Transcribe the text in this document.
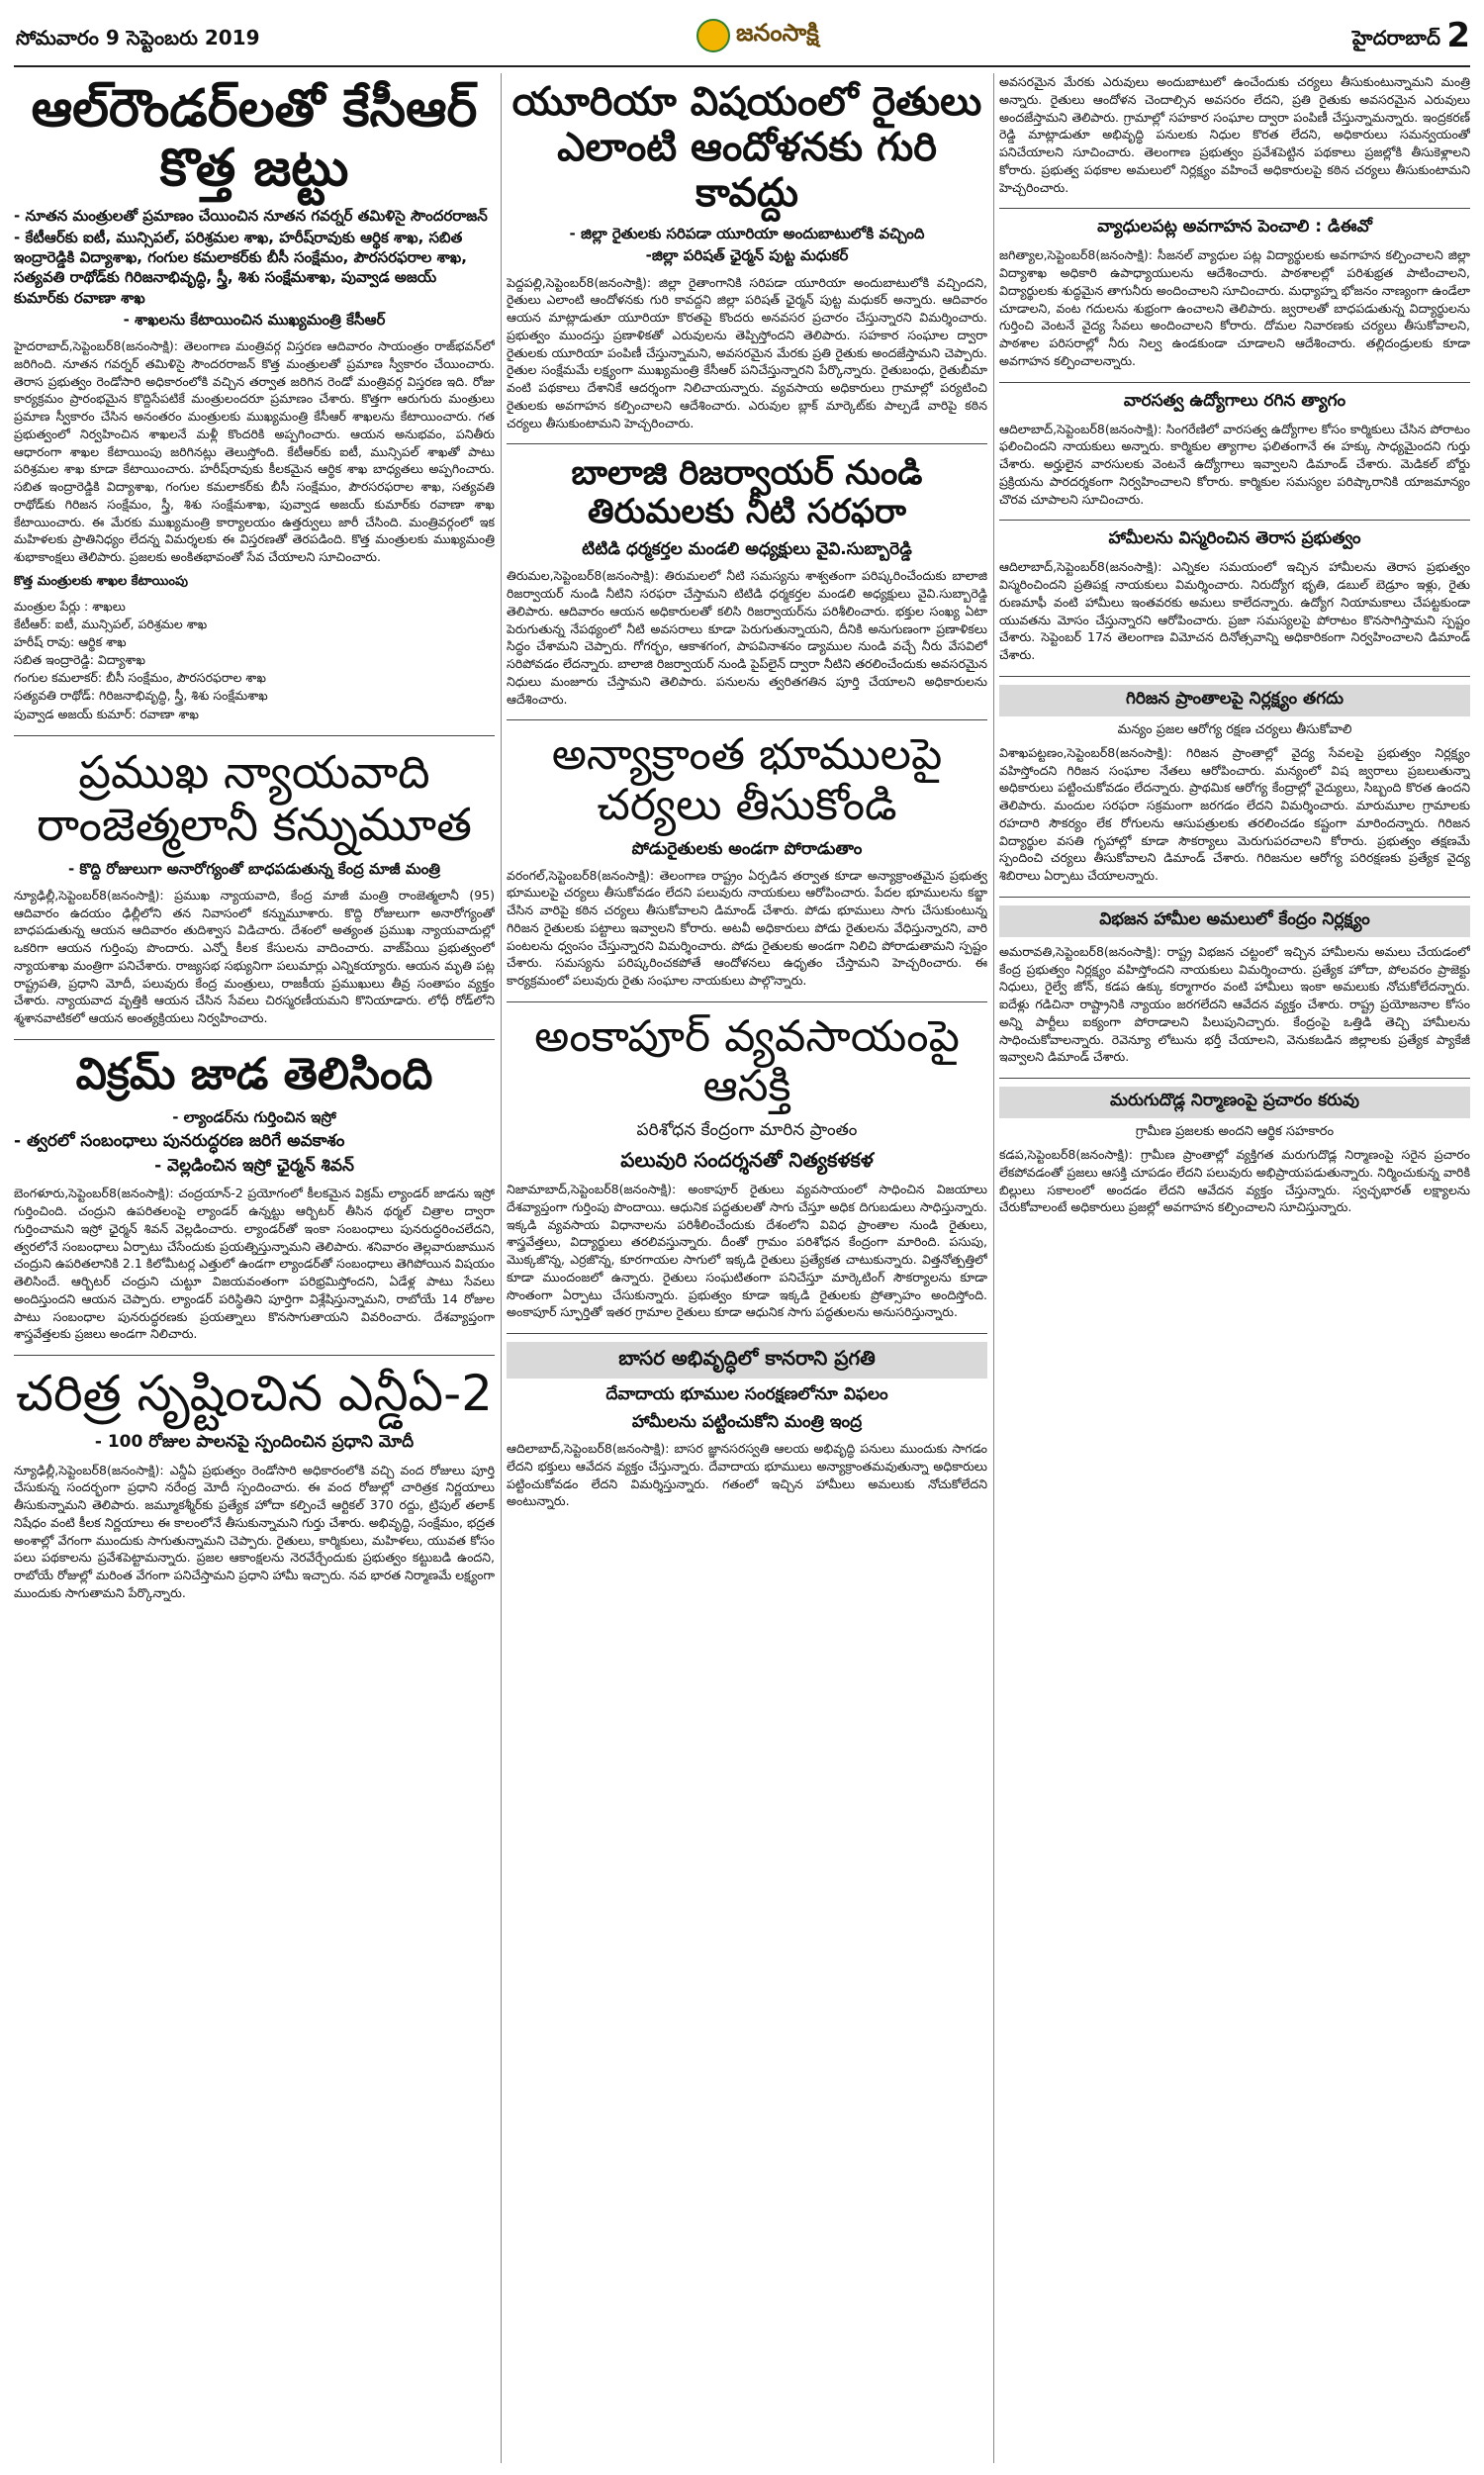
సోమవారం 9 సెప్టెంబరు 2019	జనంసాక్షి	హైదరాబాద్ 2
ఆల్‌రౌండర్‌లతో కేసీఆర్ కొత్త జట్టు
- నూతన మంత్రులతో ప్రమాణం చేయించిన నూతన గవర్నర్ తమిళిసై సౌందరరాజన్
- కేటీఆర్‌కు ఐటీ, మున్సిపల్, పరిశ్రమల శాఖ, హరీష్‌రావుకు ఆర్థిక శాఖ, సబిత ఇంద్రారెడ్డికి విద్యాశాఖ, గంగుల కమలాకర్‌కు బీసీ సంక్షేమం, పౌరసరఫరాల శాఖ, సత్యవతి రాథోడ్‌కు గిరిజనాభివృద్ధి, స్త్రీ, శిశు సంక్షేమశాఖ, పువ్వాడ అజయ్ కుమార్‌కు రవాణా శాఖ
- శాఖలను కేటాయించిన ముఖ్యమంత్రి కేసీఆర్

హైదరాబాద్‌,సెప్టెంబర్‌8(జనంసాక్షి): తెలంగాణ మంత్రివర్గ విస్తరణ ఆదివారం సాయంత్రం రాజ్‌భవన్‌లో జరిగింది. నూతన గవర్నర్ తమిళిసై సౌందరరాజన్ కొత్త మంత్రులతో ప్రమాణ స్వీకారం చేయించారు. తెరాస ప్రభుత్వం రెండోసారి అధికారంలోకి వచ్చిన తర్వాత జరిగిన రెండో మంత్రివర్గ విస్తరణ ఇది. రోజు కార్యక్రమం ప్రారంభమైన కొద్దిసేపటికే మంత్రులందరూ ప్రమాణం చేశారు. కొత్తగా ఆరుగురు మంత్రులు ప్రమాణ స్వీకారం చేసిన అనంతరం మంత్రులకు ముఖ్యమంత్రి కేసీఆర్ శాఖలను కేటాయించారు. గత ప్రభుత్వంలో నిర్వహించిన శాఖలనే మళ్లీ కొందరికి అప్పగించారు. ఆయన అనుభవం, పనితీరు ఆధారంగా శాఖల కేటాయింపు జరిగినట్లు తెలుస్తోంది. కేటీఆర్‌కు ఐటీ, మున్సిపల్ శాఖతో పాటు పరిశ్రమల శాఖ కూడా కేటాయించారు. హరీష్‌రావుకు కీలకమైన ఆర్థిక శాఖ బాధ్యతలు అప్పగించారు. సబిత ఇంద్రారెడ్డికి విద్యాశాఖ, గంగుల కమలాకర్‌కు బీసీ సంక్షేమం, పౌరసరఫరాల శాఖ, సత్యవతి రాథోడ్‌కు గిరిజన సంక్షేమం, స్త్రీ, శిశు సంక్షేమశాఖ, పువ్వాడ అజయ్ కుమార్‌కు రవాణా శాఖ కేటాయించారు. ఈ మేరకు ముఖ్యమంత్రి కార్యాలయం ఉత్తర్వులు జారీ చేసింది. మంత్రివర్గంలో ఇక మహిళలకు ప్రాతినిధ్యం లేదన్న విమర్శలకు ఈ విస్తరణతో తెరపడింది. కొత్త మంత్రులకు ముఖ్యమంత్రి శుభాకాంక్షలు తెలిపారు. ప్రజలకు అంకితభావంతో సేవ చేయాలని సూచించారు.

కొత్త మంత్రులకు శాఖల కేటాయింపు
మంత్రుల పేర్లు : శాఖలు
కేటీఆర్: ఐటీ, మున్సిపల్, పరిశ్రమల శాఖ
హరీష్ రావు: ఆర్థిక శాఖ
సబిత ఇంద్రారెడ్డి: విద్యాశాఖ
గంగుల కమలాకర్: బీసీ సంక్షేమం, పౌరసరఫరాల శాఖ
సత్యవతి రాథోడ్: గిరిజనాభివృద్ధి, స్త్రీ, శిశు సంక్షేమశాఖ
పువ్వాడ అజయ్ కుమార్: రవాణా శాఖ
ప్రముఖ న్యాయవాది రాంజెత్మలానీ కన్నుమూత
- కొద్ది రోజులుగా అనారోగ్యంతో బాధపడుతున్న కేంద్ర మాజీ మంత్రి

న్యూఢిల్లీ,సెప్టెంబర్‌8(జనంసాక్షి): ప్రముఖ న్యాయవాది, కేంద్ర మాజీ మంత్రి రాంజెత్మలానీ (95) ఆదివారం ఉదయం ఢిల్లీలోని తన నివాసంలో కన్నుమూశారు. కొద్ది రోజులుగా అనారోగ్యంతో బాధపడుతున్న ఆయన ఆదివారం తుదిశ్వాస విడిచారు. దేశంలో అత్యంత ప్రముఖ న్యాయవాదుల్లో ఒకరిగా ఆయన గుర్తింపు పొందారు. ఎన్నో కీలక కేసులను వాదించారు. వాజ్‌పేయి ప్రభుత్వంలో న్యాయశాఖ మంత్రిగా పనిచేశారు. రాజ్యసభ సభ్యునిగా పలుమార్లు ఎన్నికయ్యారు. ఆయన మృతి పట్ల రాష్ట్రపతి, ప్రధాని మోదీ, పలువురు కేంద్ర మంత్రులు, రాజకీయ ప్రముఖులు తీవ్ర సంతాపం వ్యక్తం చేశారు. న్యాయవాద వృత్తికి ఆయన చేసిన సేవలు చిరస్మరణీయమని కొనియాడారు. లోధీ రోడ్‌లోని శ్మశానవాటికలో ఆయన అంత్యక్రియలు నిర్వహించారు.

విక్రమ్ జాడ తెలిసింది
- ల్యాండర్‌ను గుర్తించిన ఇస్రో
- త్వరలో సంబంధాలు పునరుద్ధరణ జరిగే అవకాశం
- వెల్లడించిన ఇస్రో ఛైర్మన్ శివన్

బెంగళూరు,సెప్టెంబర్‌8(జనంసాక్షి): చంద్రయాన్‌-2 ప్రయోగంలో కీలకమైన విక్రమ్ ల్యాండర్ జాడను ఇస్రో గుర్తించింది. చంద్రుని ఉపరితలంపై ల్యాండర్ ఉన్నట్టు ఆర్బిటర్ తీసిన థర్మల్ చిత్రాల ద్వారా గుర్తించామని ఇస్రో ఛైర్మన్ శివన్ వెల్లడించారు. ల్యాండర్‌తో ఇంకా సంబంధాలు పునరుద్ధరించలేదని, త్వరలోనే సంబంధాలు ఏర్పాటు చేసేందుకు ప్రయత్నిస్తున్నామని తెలిపారు. శనివారం తెల్లవారుజామున చంద్రుని ఉపరితలానికి 2.1 కిలోమీటర్ల ఎత్తులో ఉండగా ల్యాండర్‌తో సంబంధాలు తెగిపోయిన విషయం తెలిసిందే. ఆర్బిటర్ చంద్రుని చుట్టూ విజయవంతంగా పరిభ్రమిస్తోందని, ఏడేళ్ల పాటు సేవలు అందిస్తుందని ఆయన చెప్పారు. ల్యాండర్ పరిస్థితిని పూర్తిగా విశ్లేషిస్తున్నామని, రాబోయే 14 రోజుల పాటు సంబంధాల పునరుద్ధరణకు ప్రయత్నాలు కొనసాగుతాయని వివరించారు. దేశవ్యాప్తంగా శాస్త్రవేత్తలకు ప్రజలు అండగా నిలిచారు.

చరిత్ర సృష్టించిన ఎన్డీఏ-2
- 100 రోజుల పాలనపై స్పందించిన ప్రధాని మోదీ

న్యూఢిల్లీ,సెప్టెంబర్‌8(జనంసాక్షి): ఎన్డీఏ ప్రభుత్వం రెండోసారి అధికారంలోకి వచ్చి వంద రోజులు పూర్తి చేసుకున్న సందర్భంగా ప్రధాని నరేంద్ర మోదీ స్పందించారు. ఈ వంద రోజుల్లో చారిత్రక నిర్ణయాలు తీసుకున్నామని తెలిపారు. జమ్మూకశ్మీర్‌కు ప్రత్యేక హోదా కల్పించే ఆర్టికల్ 370 రద్దు, ట్రిపుల్ తలాక్ నిషేధం వంటి కీలక నిర్ణయాలు ఈ కాలంలోనే తీసుకున్నామని గుర్తు చేశారు. అభివృద్ధి, సంక్షేమం, భద్రత అంశాల్లో వేగంగా ముందుకు సాగుతున్నామని చెప్పారు. రైతులు, కార్మికులు, మహిళలు, యువత కోసం పలు పథకాలను ప్రవేశపెట్టామన్నారు. ప్రజల ఆకాంక్షలను నెరవేర్చేందుకు ప్రభుత్వం కట్టుబడి ఉందని, రాబోయే రోజుల్లో మరింత వేగంగా పనిచేస్తామని ప్రధాని హామీ ఇచ్చారు. నవ భారత నిర్మాణమే లక్ష్యంగా ముందుకు సాగుతామని పేర్కొన్నారు.

యూరియా విషయంలో రైతులు ఎలాంటి ఆందోళనకు గురి కావద్దు
- జిల్లా రైతులకు సరిపడా యూరియా అందుబాటులోకి వచ్చింది
-జిల్లా పరిషత్ ఛైర్మన్ పుట్ట మధుకర్

పెద్దపల్లి,సెప్టెంబర్‌8(జనంసాక్షి): జిల్లా రైతాంగానికి సరిపడా యూరియా అందుబాటులోకి వచ్చిందని, రైతులు ఎలాంటి ఆందోళనకు గురి కావద్దని జిల్లా పరిషత్ ఛైర్మన్ పుట్ట మధుకర్ అన్నారు. ఆదివారం ఆయన మాట్లాడుతూ యూరియా కొరతపై కొందరు అనవసర ప్రచారం చేస్తున్నారని విమర్శించారు. ప్రభుత్వం ముందస్తు ప్రణాళికతో ఎరువులను తెప్పిస్తోందని తెలిపారు. సహకార సంఘాల ద్వారా రైతులకు యూరియా పంపిణీ చేస్తున్నామని, అవసరమైన మేరకు ప్రతి రైతుకు అందజేస్తామని చెప్పారు. రైతుల సంక్షేమమే లక్ష్యంగా ముఖ్యమంత్రి కేసీఆర్ పనిచేస్తున్నారని పేర్కొన్నారు. రైతుబంధు, రైతుబీమా వంటి పథకాలు దేశానికే ఆదర్శంగా నిలిచాయన్నారు. వ్యవసాయ అధికారులు గ్రామాల్లో పర్యటించి రైతులకు అవగాహన కల్పించాలని ఆదేశించారు. ఎరువుల బ్లాక్ మార్కెట్‌కు పాల్పడే వారిపై కఠిన చర్యలు తీసుకుంటామని హెచ్చరించారు.

బాలాజి రిజర్వాయర్ నుండి తిరుమలకు నీటి సరఫరా
టిటిడి ధర్మకర్తల మండలి అధ్యక్షులు వైవి.సుబ్బారెడ్డి

తిరుమల,సెప్టెంబర్‌8(జనంసాక్షి): తిరుమలలో నీటి సమస్యను శాశ్వతంగా పరిష్కరించేందుకు బాలాజి రిజర్వాయర్ నుండి నీటిని సరఫరా చేస్తామని టిటిడి ధర్మకర్తల మండలి అధ్యక్షులు వైవి.సుబ్బారెడ్డి తెలిపారు. ఆదివారం ఆయన అధికారులతో కలిసి రిజర్వాయర్‌ను పరిశీలించారు. భక్తుల సంఖ్య ఏటా పెరుగుతున్న నేపథ్యంలో నీటి అవసరాలు కూడా పెరుగుతున్నాయని, దీనికి అనుగుణంగా ప్రణాళికలు సిద్ధం చేశామని చెప్పారు. గోగర్భం, ఆకాశగంగ, పాపవినాశనం డ్యాముల నుండి వచ్చే నీరు వేసవిలో సరిపోవడం లేదన్నారు. బాలాజి రిజర్వాయర్ నుండి పైప్‌లైన్ ద్వారా నీటిని తరలించేందుకు అవసరమైన నిధులు మంజూరు చేస్తామని తెలిపారు. పనులను త్వరితగతిన పూర్తి చేయాలని అధికారులను ఆదేశించారు.

అన్యాక్రాంత భూములపై చర్యలు తీసుకోండి
పోడురైతులకు అండగా పోరాడుతాం

వరంగల్,సెప్టెంబర్‌8(జనంసాక్షి): తెలంగాణ రాష్ట్రం ఏర్పడిన తర్వాత కూడా అన్యాక్రాంతమైన ప్రభుత్వ భూములపై చర్యలు తీసుకోవడం లేదని పలువురు నాయకులు ఆరోపించారు. పేదల భూములను కబ్జా చేసిన వారిపై కఠిన చర్యలు తీసుకోవాలని డిమాండ్ చేశారు. పోడు భూములు సాగు చేసుకుంటున్న గిరిజన రైతులకు పట్టాలు ఇవ్వాలని కోరారు. అటవీ అధికారులు పోడు రైతులను వేధిస్తున్నారని, వారి పంటలను ధ్వంసం చేస్తున్నారని విమర్శించారు. పోడు రైతులకు అండగా నిలిచి పోరాడుతామని స్పష్టం చేశారు. సమస్యను పరిష్కరించకపోతే ఆందోళనలు ఉధృతం చేస్తామని హెచ్చరించారు. ఈ కార్యక్రమంలో పలువురు రైతు సంఘాల నాయకులు పాల్గొన్నారు.

అంకాపూర్ వ్యవసాయంపై ఆసక్తి
పరిశోధన కేంద్రంగా మారిన ప్రాంతం
పలువురి సందర్శనతో నిత్యకళకళ

నిజామాబాద్,సెప్టెంబర్‌8(జనంసాక్షి): అంకాపూర్ రైతులు వ్యవసాయంలో సాధించిన విజయాలు దేశవ్యాప్తంగా గుర్తింపు పొందాయి. ఆధునిక పద్ధతులతో సాగు చేస్తూ అధిక దిగుబడులు సాధిస్తున్నారు. ఇక్కడి వ్యవసాయ విధానాలను పరిశీలించేందుకు దేశంలోని వివిధ ప్రాంతాల నుండి రైతులు, శాస్త్రవేత్తలు, విద్యార్థులు తరలివస్తున్నారు. దీంతో గ్రామం పరిశోధన కేంద్రంగా మారింది. పసుపు, మొక్కజొన్న, ఎర్రజొన్న, కూరగాయల సాగులో ఇక్కడి రైతులు ప్రత్యేకత చాటుకున్నారు. విత్తనోత్పత్తిలో కూడా ముందంజలో ఉన్నారు. రైతులు సంఘటితంగా పనిచేస్తూ మార్కెటింగ్ సౌకర్యాలను కూడా సొంతంగా ఏర్పాటు చేసుకున్నారు. ప్రభుత్వం కూడా ఇక్కడి రైతులకు ప్రోత్సాహం అందిస్తోంది. అంకాపూర్ స్ఫూర్తితో ఇతర గ్రామాల రైతులు కూడా ఆధునిక సాగు పద్ధతులను అనుసరిస్తున్నారు.

బాసర అభివృద్ధిలో కానరాని ప్రగతి
దేవాదాయ భూముల సంరక్షణలోనూ విఫలం
హామీలను పట్టించుకోని మంత్రి ఇంద్ర

ఆదిలాబాద్,సెప్టెంబర్‌8(జనంసాక్షి): బాసర జ్ఞానసరస్వతి ఆలయ అభివృద్ధి పనులు ముందుకు సాగడం లేదని భక్తులు ఆవేదన వ్యక్తం చేస్తున్నారు. దేవాదాయ భూములు అన్యాక్రాంతమవుతున్నా అధికారులు పట్టించుకోవడం లేదని విమర్శిస్తున్నారు. గతంలో ఇచ్చిన హామీలు అమలుకు నోచుకోలేదని అంటున్నారు.

అవసరమైన మేరకు ఎరువులు అందుబాటులో ఉంచేందుకు చర్యలు తీసుకుంటున్నామని మంత్రి అన్నారు. రైతులు ఆందోళన చెందాల్సిన అవసరం లేదని, ప్రతి రైతుకు అవసరమైన ఎరువులు అందజేస్తామని తెలిపారు. గ్రామాల్లో సహకార సంఘాల ద్వారా పంపిణీ చేస్తున్నామన్నారు. ఇంద్రకరణ్ రెడ్డి మాట్లాడుతూ అభివృద్ధి పనులకు నిధుల కొరత లేదని, అధికారులు సమన్వయంతో పనిచేయాలని సూచించారు. తెలంగాణ ప్రభుత్వం ప్రవేశపెట్టిన పథకాలు ప్రజల్లోకి తీసుకెళ్లాలని కోరారు. ప్రభుత్వ పథకాల అమలులో నిర్లక్ష్యం వహించే అధికారులపై కఠిన చర్యలు తీసుకుంటామని హెచ్చరించారు.

వ్యాధులపట్ల అవగాహన పెంచాలి : డిఈవో

జగిత్యాల,సెప్టెంబర్‌8(జనంసాక్షి): సీజనల్ వ్యాధుల పట్ల విద్యార్థులకు అవగాహన కల్పించాలని జిల్లా విద్యాశాఖ అధికారి ఉపాధ్యాయులను ఆదేశించారు. పాఠశాలల్లో పరిశుభ్రత పాటించాలని, విద్యార్థులకు శుద్ధమైన తాగునీరు అందించాలని సూచించారు. మధ్యాహ్న భోజనం నాణ్యంగా ఉండేలా చూడాలని, వంట గదులను శుభ్రంగా ఉంచాలని తెలిపారు. జ్వరాలతో బాధపడుతున్న విద్యార్థులను గుర్తించి వెంటనే వైద్య సేవలు అందించాలని కోరారు. దోమల నివారణకు చర్యలు తీసుకోవాలని, పాఠశాల పరిసరాల్లో నీరు నిల్వ ఉండకుండా చూడాలని ఆదేశించారు. తల్లిదండ్రులకు కూడా అవగాహన కల్పించాలన్నారు.

వారసత్వ ఉద్యోగాలు రగిన త్యాగం

ఆదిలాబాద్,సెప్టెంబర్‌8(జనంసాక్షి): సింగరేణిలో వారసత్వ ఉద్యోగాల కోసం కార్మికులు చేసిన పోరాటం ఫలించిందని నాయకులు అన్నారు. కార్మికుల త్యాగాల ఫలితంగానే ఈ హక్కు సాధ్యమైందని గుర్తు చేశారు. అర్హులైన వారసులకు వెంటనే ఉద్యోగాలు ఇవ్వాలని డిమాండ్ చేశారు. మెడికల్ బోర్డు ప్రక్రియను పారదర్శకంగా నిర్వహించాలని కోరారు. కార్మికుల సమస్యల పరిష్కారానికి యాజమాన్యం చొరవ చూపాలని సూచించారు.

హామీలను విస్మరించిన తెరాస ప్రభుత్వం

ఆదిలాబాద్,సెప్టెంబర్‌8(జనంసాక్షి): ఎన్నికల సమయంలో ఇచ్చిన హామీలను తెరాస ప్రభుత్వం విస్మరించిందని ప్రతిపక్ష నాయకులు విమర్శించారు. నిరుద్యోగ భృతి, డబుల్ బెడ్రూం ఇళ్లు, రైతు రుణమాఫీ వంటి హామీలు ఇంతవరకు అమలు కాలేదన్నారు. ఉద్యోగ నియామకాలు చేపట్టకుండా యువతను మోసం చేస్తున్నారని ఆరోపించారు. ప్రజా సమస్యలపై పోరాటం కొనసాగిస్తామని స్పష్టం చేశారు. సెప్టెంబర్ 17న తెలంగాణ విమోచన దినోత్సవాన్ని అధికారికంగా నిర్వహించాలని డిమాండ్ చేశారు.

గిరిజన ప్రాంతాలపై నిర్లక్ష్యం తగదు
మన్యం ప్రజల ఆరోగ్య రక్షణ చర్యలు తీసుకోవాలి

విశాఖపట్టణం,సెప్టెంబర్‌8(జనంసాక్షి): గిరిజన ప్రాంతాల్లో వైద్య సేవలపై ప్రభుత్వం నిర్లక్ష్యం వహిస్తోందని గిరిజన సంఘాల నేతలు ఆరోపించారు. మన్యంలో విష జ్వరాలు ప్రబలుతున్నా అధికారులు పట్టించుకోవడం లేదన్నారు. ప్రాథమిక ఆరోగ్య కేంద్రాల్లో వైద్యులు, సిబ్బంది కొరత ఉందని తెలిపారు. మందుల సరఫరా సక్రమంగా జరగడం లేదని విమర్శించారు. మారుమూల గ్రామాలకు రహదారి సౌకర్యం లేక రోగులను ఆసుపత్రులకు తరలించడం కష్టంగా మారిందన్నారు. గిరిజన విద్యార్థుల వసతి గృహాల్లో కూడా సౌకర్యాలు మెరుగుపరచాలని కోరారు. ప్రభుత్వం తక్షణమే స్పందించి చర్యలు తీసుకోవాలని డిమాండ్ చేశారు. గిరిజనుల ఆరోగ్య పరిరక్షణకు ప్రత్యేక వైద్య శిబిరాలు ఏర్పాటు చేయాలన్నారు.

విభజన హామీల అమలులో కేంద్రం నిర్లక్ష్యం

అమరావతి,సెప్టెంబర్‌8(జనంసాక్షి): రాష్ట్ర విభజన చట్టంలో ఇచ్చిన హామీలను అమలు చేయడంలో కేంద్ర ప్రభుత్వం నిర్లక్ష్యం వహిస్తోందని నాయకులు విమర్శించారు. ప్రత్యేక హోదా, పోలవరం ప్రాజెక్టు నిధులు, రైల్వే జోన్, కడప ఉక్కు కర్మాగారం వంటి హామీలు ఇంకా అమలుకు నోచుకోలేదన్నారు. ఐదేళ్లు గడిచినా రాష్ట్రానికి న్యాయం జరగలేదని ఆవేదన వ్యక్తం చేశారు. రాష్ట్ర ప్రయోజనాల కోసం అన్ని పార్టీలు ఐక్యంగా పోరాడాలని పిలుపునిచ్చారు. కేంద్రంపై ఒత్తిడి తెచ్చి హామీలను సాధించుకోవాలన్నారు. రెవెన్యూ లోటును భర్తీ చేయాలని, వెనుకబడిన జిల్లాలకు ప్రత్యేక ప్యాకేజీ ఇవ్వాలని డిమాండ్ చేశారు.

మరుగుదొడ్ల నిర్మాణంపై ప్రచారం కరువు
గ్రామీణ ప్రజలకు అందని ఆర్థిక సహకారం

కడప,సెప్టెంబర్‌8(జనంసాక్షి): గ్రామీణ ప్రాంతాల్లో వ్యక్తిగత మరుగుదొడ్ల నిర్మాణంపై సరైన ప్రచారం లేకపోవడంతో ప్రజలు ఆసక్తి చూపడం లేదని పలువురు అభిప్రాయపడుతున్నారు. నిర్మించుకున్న వారికి బిల్లులు సకాలంలో అందడం లేదని ఆవేదన వ్యక్తం చేస్తున్నారు. స్వచ్ఛభారత్ లక్ష్యాలను చేరుకోవాలంటే అధికారులు ప్రజల్లో అవగాహన కల్పించాలని సూచిస్తున్నారు.
